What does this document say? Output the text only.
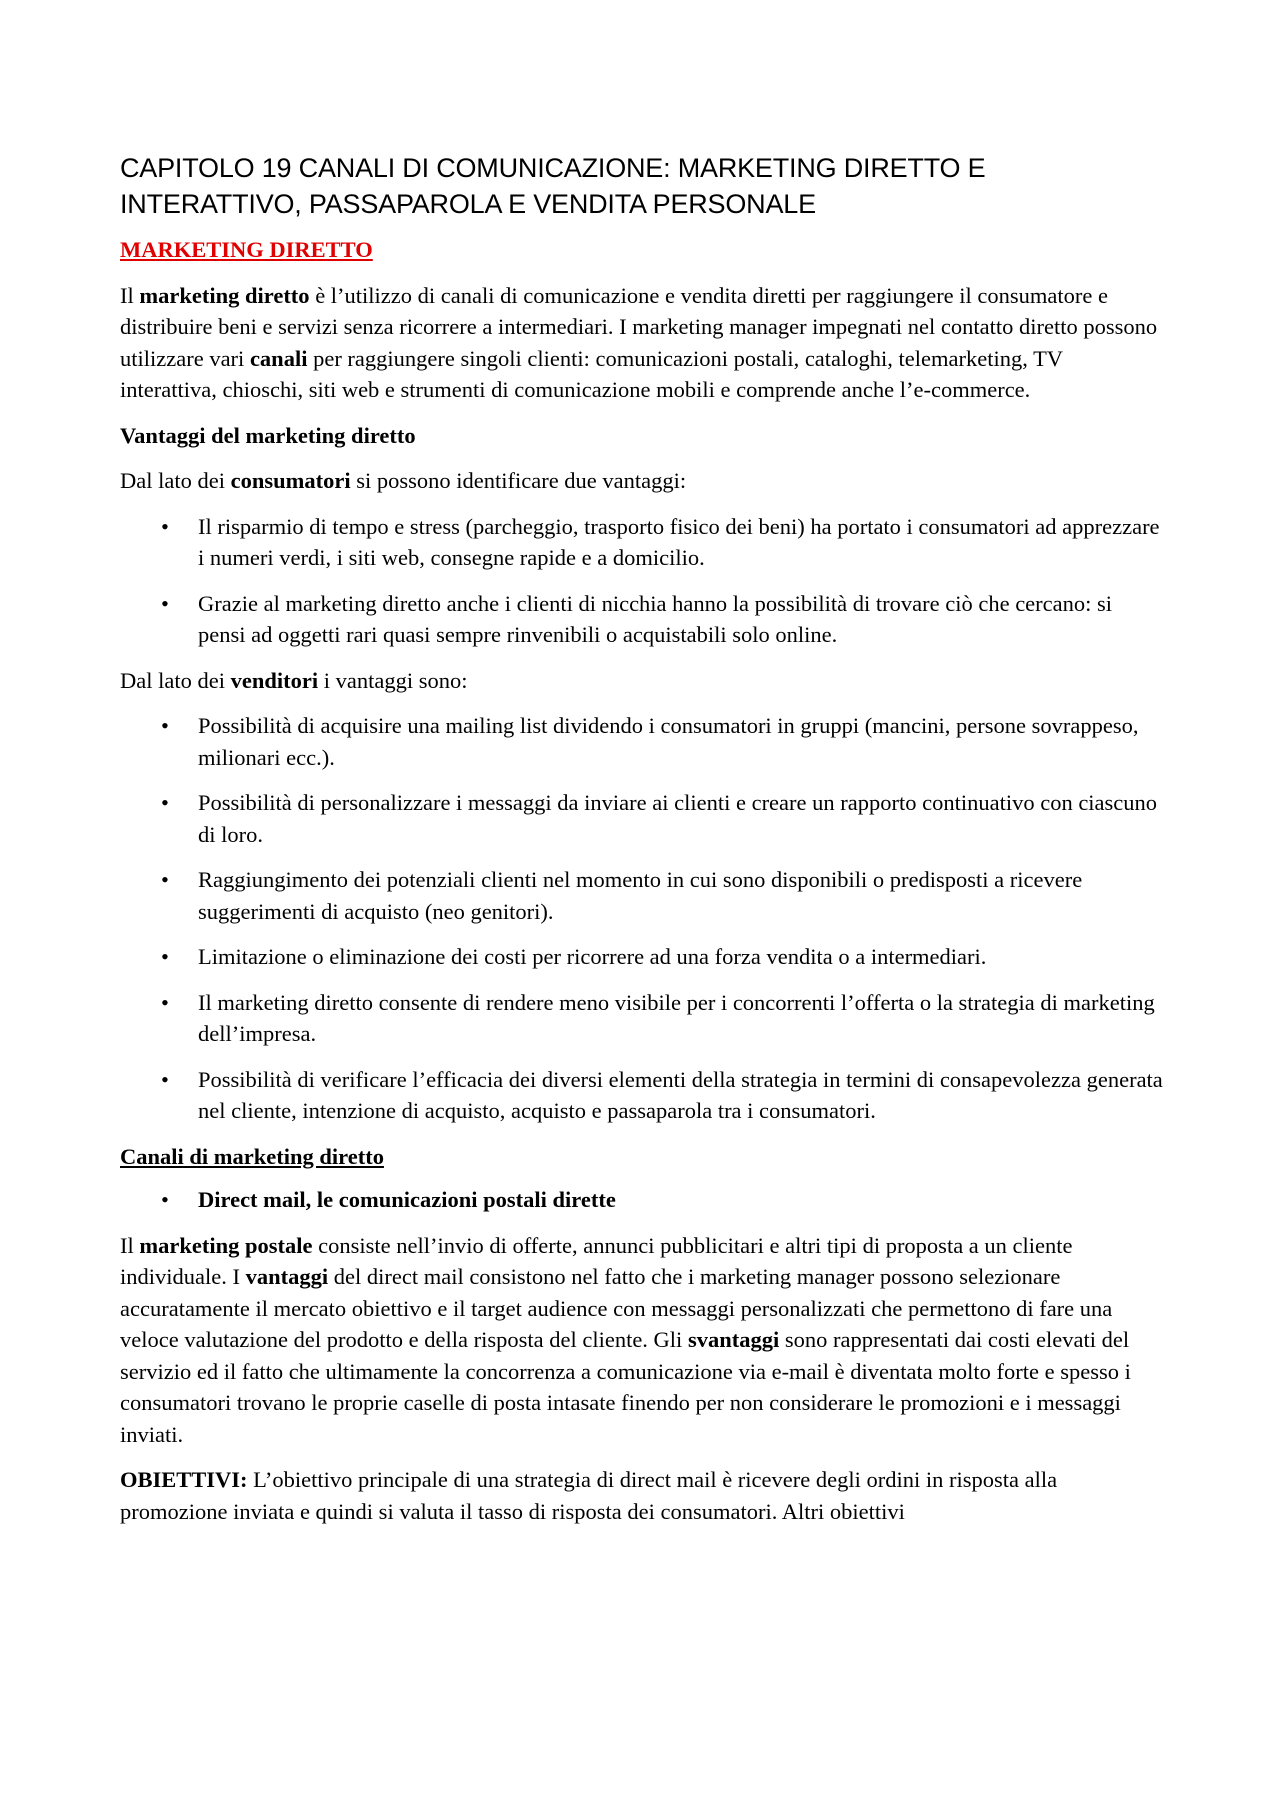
CAPITOLO 19 CANALI DI COMUNICAZIONE: MARKETING DIRETTO E
INTERATTIVO, PASSAPAROLA E VENDITA PERSONALE
MARKETING DIRETTO

Il marketing diretto è l’utilizzo di canali di comunicazione e vendita diretti per raggiungere il consumatore e distribuire beni e servizi senza ricorrere a intermediari. I marketing manager impegnati nel contatto diretto possono utilizzare vari canali per raggiungere singoli clienti: comunicazioni postali, cataloghi, telemarketing, TV interattiva, chioschi, siti web e strumenti di comunicazione mobili e comprende anche l’e-commerce.

Vantaggi del marketing diretto

Dal lato dei consumatori si possono identificare due vantaggi:

• Il risparmio di tempo e stress (parcheggio, trasporto fisico dei beni) ha portato i consumatori ad apprezzare i numeri verdi, i siti web, consegne rapide e a domicilio.
• Grazie al marketing diretto anche i clienti di nicchia hanno la possibilità di trovare ciò che cercano: si pensi ad oggetti rari quasi sempre rinvenibili o acquistabili solo online.

Dal lato dei venditori i vantaggi sono:

• Possibilità di acquisire una mailing list dividendo i consumatori in gruppi (mancini, persone sovrappeso, milionari ecc.).
• Possibilità di personalizzare i messaggi da inviare ai clienti e creare un rapporto continuativo con ciascuno di loro.
• Raggiungimento dei potenziali clienti nel momento in cui sono disponibili o predisposti a ricevere suggerimenti di acquisto (neo genitori).
• Limitazione o eliminazione dei costi per ricorrere ad una forza vendita o a intermediari.
• Il marketing diretto consente di rendere meno visibile per i concorrenti l’offerta o la strategia di marketing dell’impresa.
• Possibilità di verificare l’efficacia dei diversi elementi della strategia in termini di consapevolezza generata nel cliente, intenzione di acquisto, acquisto e passaparola tra i consumatori.
Canali di marketing diretto
• Direct mail, le comunicazioni postali dirette

Il marketing postale consiste nell’invio di offerte, annunci pubblicitari e altri tipi di proposta a un cliente individuale. I vantaggi del direct mail consistono nel fatto che i marketing manager possono selezionare accuratamente il mercato obiettivo e il target audience con messaggi personalizzati che permettono di fare una veloce valutazione del prodotto e della risposta del cliente. Gli svantaggi sono rappresentati dai costi elevati del servizio ed il fatto che ultimamente la concorrenza a comunicazione via e-mail è diventata molto forte e spesso i consumatori trovano le proprie caselle di posta intasate finendo per non considerare le promozioni e i messaggi inviati.

OBIETTIVI: L’obiettivo principale di una strategia di direct mail è ricevere degli ordini in risposta alla promozione inviata e quindi si valuta il tasso di risposta dei consumatori. Altri obiettivi
